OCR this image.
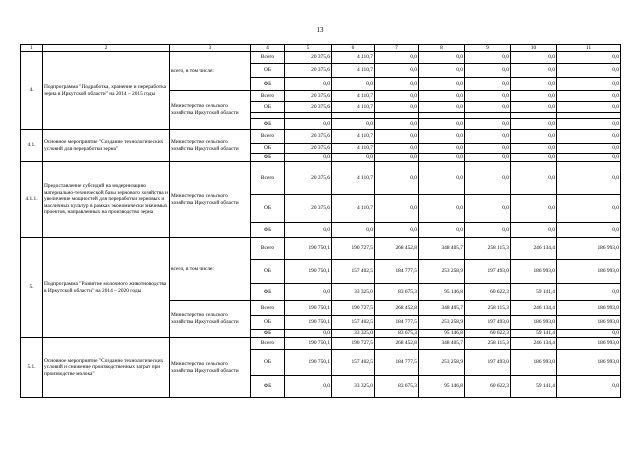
13
1	2	3	4	5	6	7	8	9	10	11
4.	Подпрограмма "Подработка, хранение и переработка зерна в Иркутской области" на 2014 – 2015 годы	всего, в том числе:	Всего	20 375,6	4 110,7	0,0	0,0	0,0	0,0	0,0
			ОБ	20 375,6	4 110,7	0,0	0,0	0,0	0,0	0,0
			ФБ	0,0	0,0	0,0	0,0	0,0	0,0	0,0
		Министерство сельского хозяйства Иркутской области	Всего	20 375,6	4 110,7	0,0	0,0	0,0	0,0	0,0
			ОБ	20 375,6	4 110,7	0,0	0,0	0,0	0,0	0,0

			ФБ	0,0	0,0	0,0	0,0	0,0	0,0	0,0
4.1.	Основное мероприятие "Создание технологических условий для переработки зерна"	Министерство сельского хозяйства Иркутской области	Всего	20 375,6	4 110,7	0,0	0,0	0,0	0,0	0,0
			ОБ	20 375,6	4 110,7	0,0	0,0	0,0	0,0	0,0
			ФБ	0,0	0,0	0,0	0,0	0,0	0,0	0,0
4.1.1.	Предоставление субсидий на модернизацию материально-технической базы зернового хозяйства и увеличение мощностей для переработки зерновых и масличных культур в рамках экономически значимых проектов, направленных на производство зерна	Министерство сельского хозяйства Иркутской области	Всего	20 375,6	4 110,7	0,0	0,0	0,0	0,0	0,0
			ОБ	20 375,6	4 110,7	0,0	0,0	0,0	0,0	0,0
			ФБ	0,0	0,0	0,0	0,0	0,0	0,0	0,0
5.	Подпрограмма "Развитие молочного животноводства в Иркутской области" на 2014 – 2020 годы	всего, в том числе:	Всего	190 750,1	190 727,5	268 452,8	348 405,7	258 115,3	246 134,4	186 993,0
			ОБ	190 750,1	157 402,5	184 777,5	253 258,9	197 493,0	186 993,0	186 993,0
			ФБ	0,0	33 325,0	83 675,3	95 146,8	60 622,3	59 141,4	0,0
		Министерство сельского хозяйства Иркутской области	Всего	190 750,1	190 727,5	268 452,8	348 405,7	258 115,3	246 134,4	186 993,0
			ОБ	190 750,1	157 402,5	184 777,5	253 258,9	197 493,0	186 993,0	186 993,0
			ФБ	0,0	33 325,0	83 675,3	95 146,8	60 622,3	59 141,4	0,0
5.1.	Основное мероприятие "Создание технологических условий и снижение производственных затрат при производстве молока"	Министерство сельского хозяйства Иркутской области	Всего	190 750,1	190 727,5	268 452,8	348 405,7	258 115,3	246 134,4	186 993,0
			ОБ	190 750,1	157 402,5	184 777,5	253 258,9	197 493,0	186 993,0	186 993,0
			ФБ	0,0	33 325,0	83 675,3	95 146,8	60 622,3	59 141,4	0,0
